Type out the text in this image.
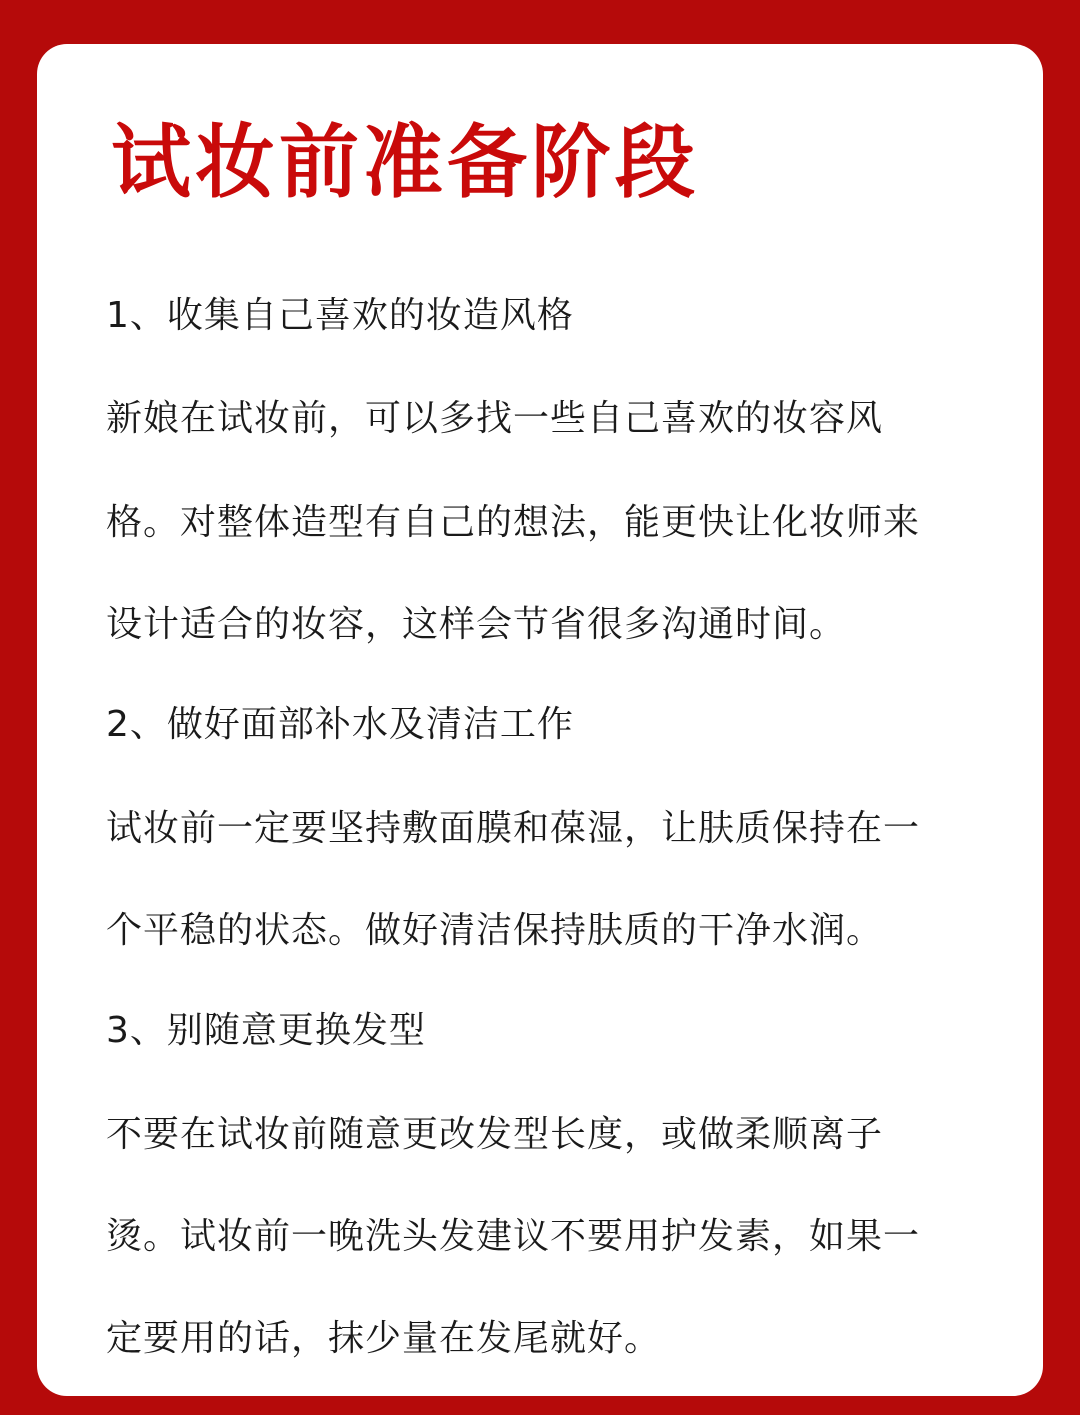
试妆前准备阶段

1、收集自己喜欢的妆造风格

新娘在试妆前，可以多找一些自己喜欢的妆容风

格。对整体造型有自己的想法，能更快让化妆师来

设计适合的妆容，这样会节省很多沟通时间。

2、做好面部补水及清洁工作

试妆前一定要坚持敷面膜和葆湿，让肤质保持在一

个平稳的状态。做好清洁保持肤质的干净水润。

3、别随意更换发型

不要在试妆前随意更改发型长度，或做柔顺离子

烫。试妆前一晚洗头发建议不要用护发素，如果一

定要用的话，抹少量在发尾就好。
